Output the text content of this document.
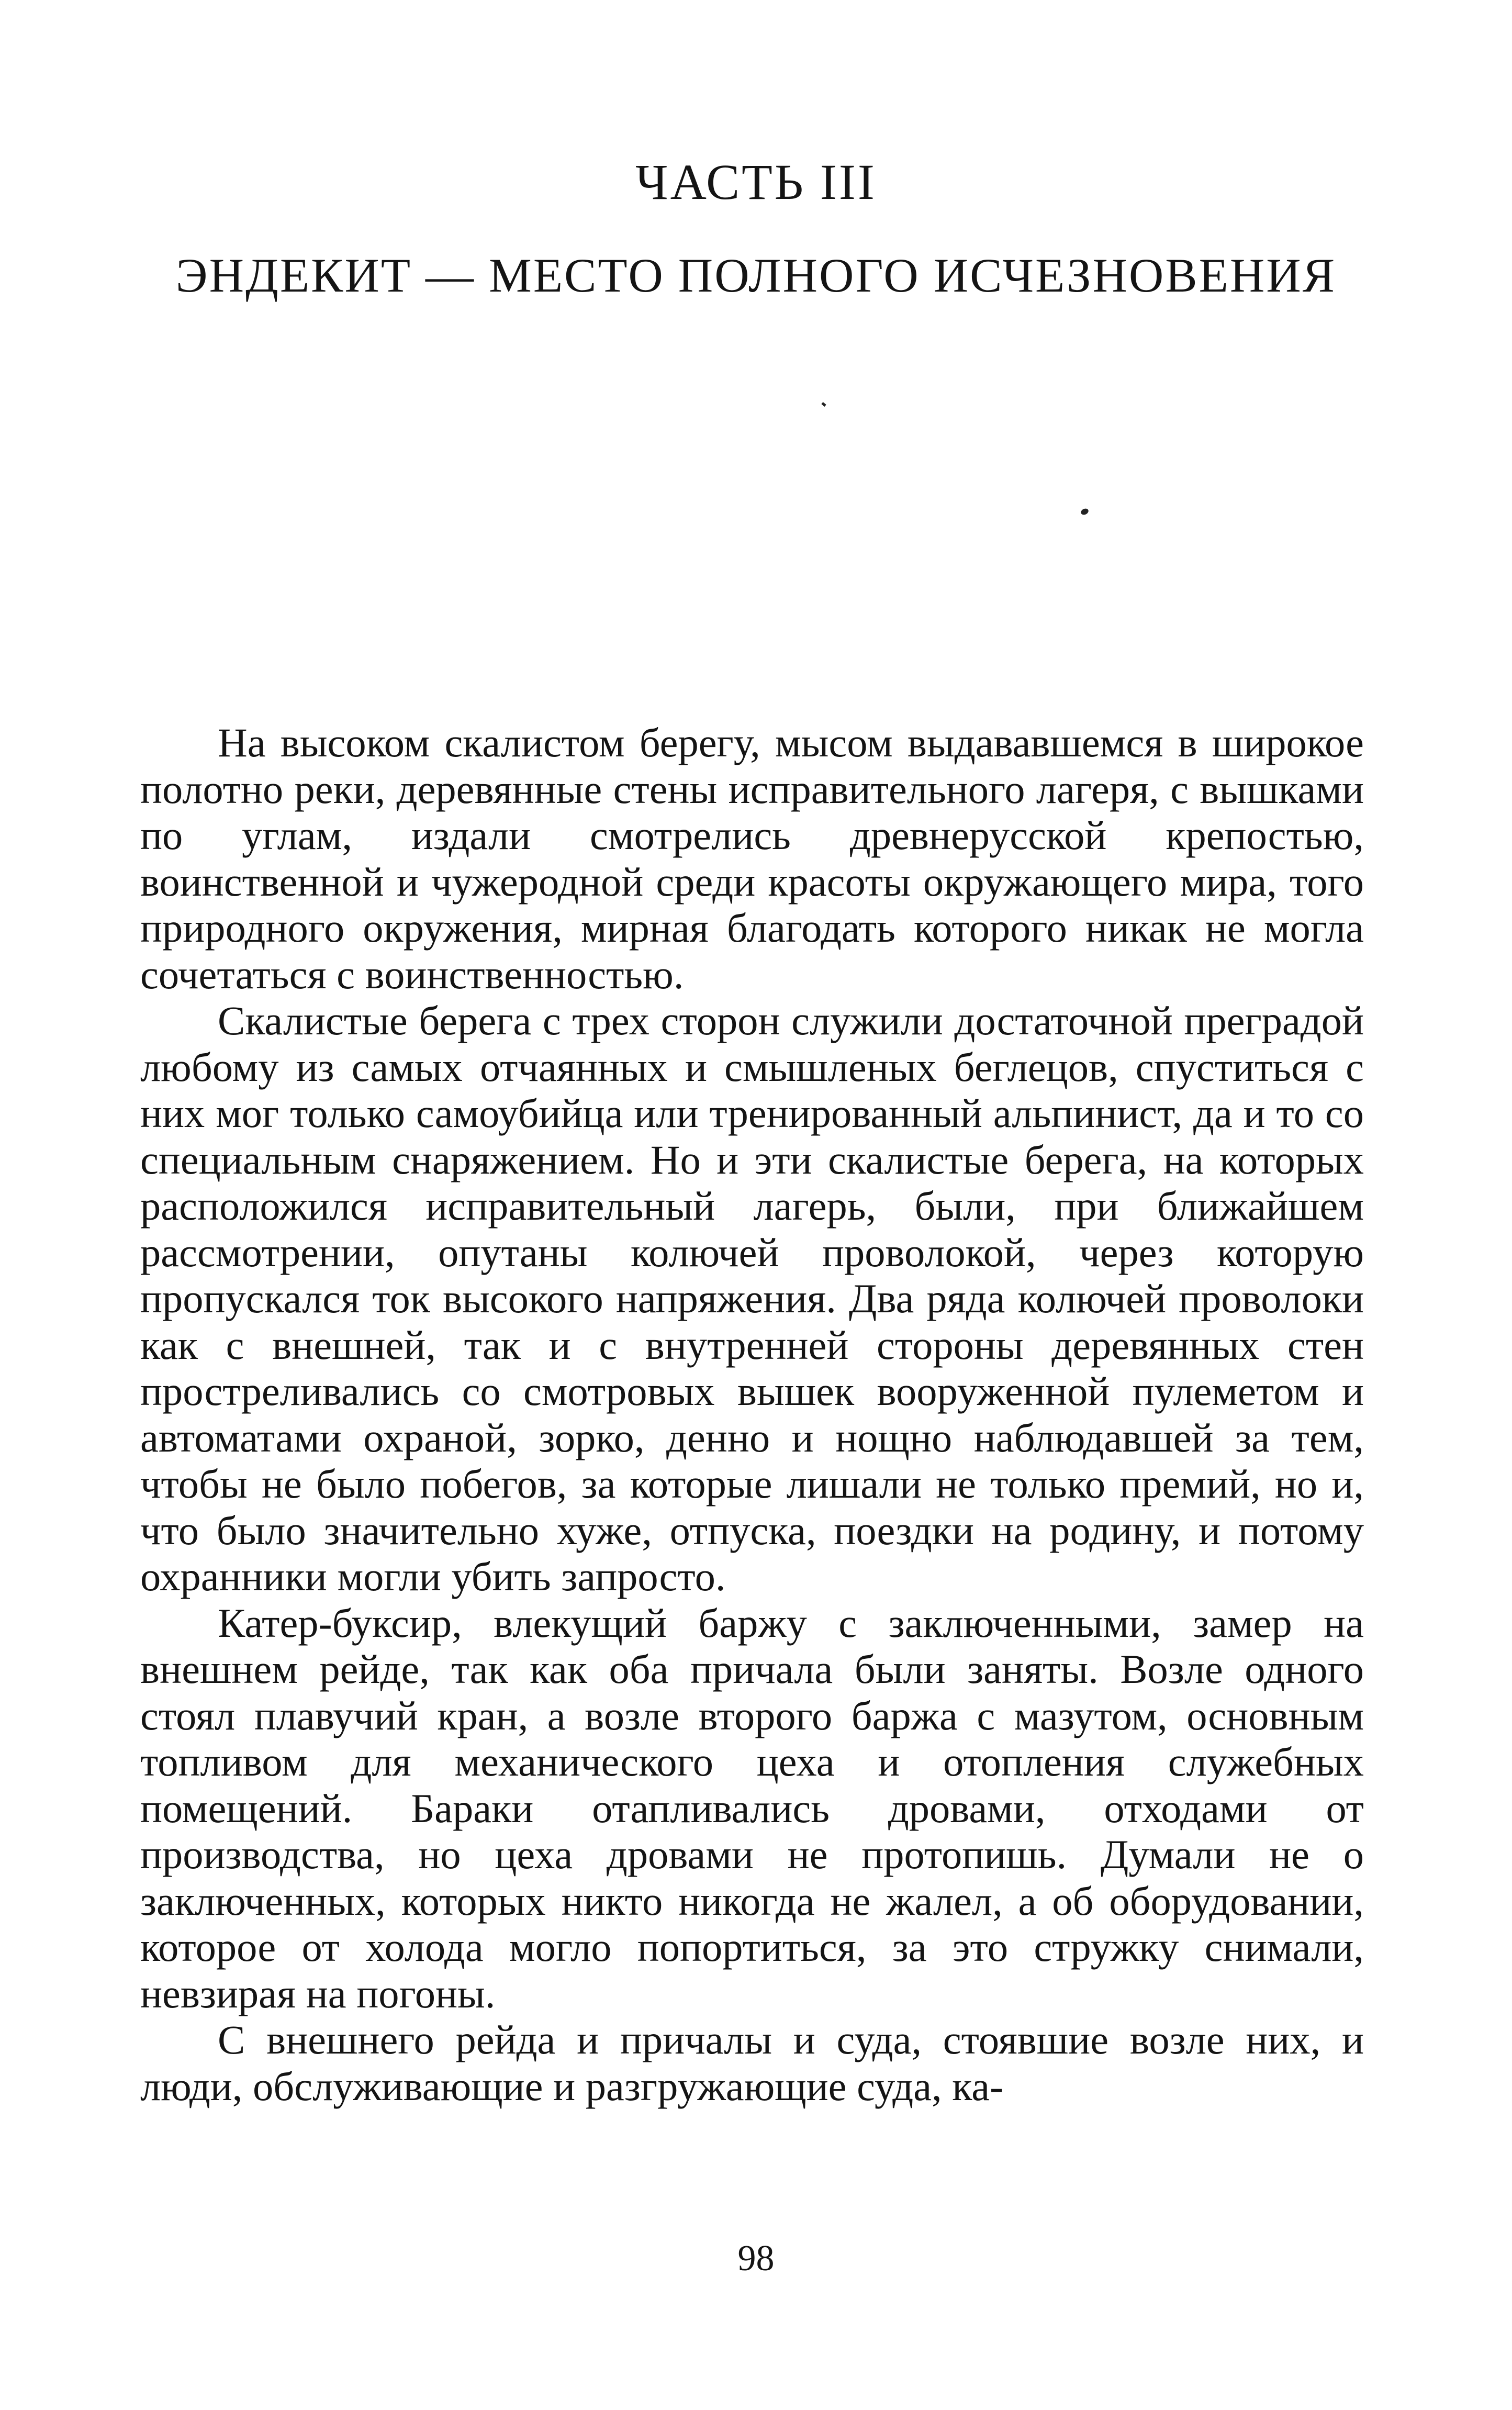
ЧАСТЬ III
ЭНДЕКИТ — МЕСТО ПОЛНОГО ИСЧЕЗНОВЕНИЯ

На высоком скалистом берегу, мысом выдававшемся в широкое полотно реки, деревянные стены исправительного лагеря, с вышками по углам, издали смотрелись древнерусской крепостью, воинственной и чужеродной среди красоты окружающего мира, того природного окружения, мирная благодать которого никак не могла сочетаться с воинственностью.

Скалистые берега с трех сторон служили достаточной преградой любому из самых отчаянных и смышленых беглецов, спуститься с них мог только самоубийца или тренированный альпинист, да и то со специальным снаряжением. Но и эти скалистые берега, на которых расположился исправительный лагерь, были, при ближайшем рассмотрении, опутаны колючей проволокой, через которую пропускался ток высокого напряжения. Два ряда колючей проволоки как с внешней, так и с внутренней стороны деревянных стен простреливались со смотровых вышек вооруженной пулеметом и автоматами охраной, зорко, денно и нощно наблюдавшей за тем, чтобы не было побегов, за которые лишали не только премий, но и, что было значительно хуже, отпуска, поездки на родину, и потому охранники могли убить запросто.

Катер-буксир, влекущий баржу с заключенными, замер на внешнем рейде, так как оба причала были заняты. Возле одного стоял плавучий кран, а возле второго баржа с мазутом, основным топливом для механического цеха и отопления служебных помещений. Бараки отапливались дровами, отходами от производства, но цеха дровами не протопишь. Думали не о заключенных, которых никто никогда не жалел, а об оборудовании, которое от холода могло попортиться, за это стружку снимали, невзирая на погоны.

С внешнего рейда и причалы и суда, стоявшие возле них, и люди, обслуживающие и разгружающие суда, ка-

98
